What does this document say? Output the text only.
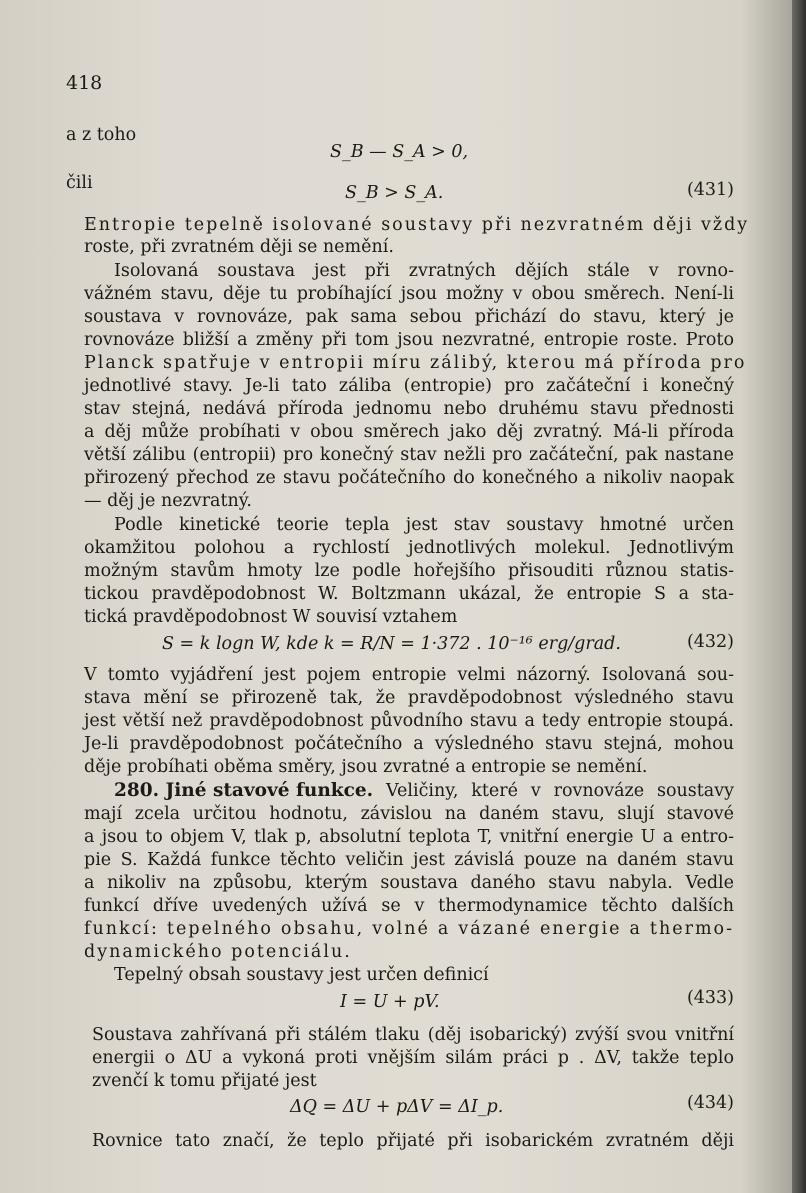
418
a z toho
S_B — S_A > 0,
čili	S_B > S_A.	(431)
Entropie tepelně isolované soustavy při nezvratném ději vždy
roste, při zvratném ději se nemění.
Isolovaná soustava jest při zvratných dějích stále v rovno-
vážném stavu, děje tu probíhající jsou možny v obou směrech. Není-li
soustava v rovnováze, pak sama sebou přichází do stavu, který je
rovnováze bližší a změny při tom jsou nezvratné, entropie roste. Proto
Planck spatřuje v entropii míru zálibý, kterou má příroda pro
jednotlivé stavy. Je-li tato záliba (entropie) pro začáteční i konečný
stav stejná, nedává příroda jednomu nebo druhému stavu přednosti
a děj může probíhati v obou směrech jako děj zvratný. Má-li příroda
větší zálibu (entropii) pro konečný stav nežli pro začáteční, pak nastane
přirozený přechod ze stavu počátečního do konečného a nikoliv naopak
— děj je nezvratný.
Podle kinetické teorie tepla jest stav soustavy hmotné určen
okamžitou polohou a rychlostí jednotlivých molekul. Jednotlivým
možným stavům hmoty lze podle hořejšího přisouditi různou statis-
tickou pravděpodobnost W. Boltzmann ukázal, že entropie S a sta-
tická pravděpodobnost W souvisí vztahem
S = k logn W, kde k = R/N = 1·372 . 10⁻¹⁶ erg/grad.	(432)
V tomto vyjádření jest pojem entropie velmi názorný. Isolovaná sou-
stava mění se přirozeně tak, že pravděpodobnost výsledného stavu
jest větší než pravděpodobnost původního stavu a tedy entropie stoupá.
Je-li pravděpodobnost počátečního a výsledného stavu stejná, mohou
děje probíhati oběma směry, jsou zvratné a entropie se nemění.
280. Jiné stavové funkce. Veličiny, které v rovnováze soustavy
mají zcela určitou hodnotu, závislou na daném stavu, slují stavové
a jsou to objem V, tlak p, absolutní teplota T, vnitřní energie U a entro-
pie S. Každá funkce těchto veličin jest závislá pouze na daném stavu
a nikoliv na způsobu, kterým soustava daného stavu nabyla. Vedle
funkcí dříve uvedených užívá se v thermodynamice těchto dalších
funkcí: tepelného obsahu, volné a vázané energie a thermo-
dynamického potenciálu.
Tepelný obsah soustavy jest určen definicí
I = U + pV.	(433)
Soustava zahřívaná při stálém tlaku (děj isobarický) zvýší svou vnitřní
energii o ΔU a vykoná proti vnějším silám práci p . ΔV, takže teplo
zvenčí k tomu přijaté jest
ΔQ = ΔU + pΔV = ΔI_p.	(434)
Rovnice tato značí, že teplo přijaté při isobarickém zvratném ději
